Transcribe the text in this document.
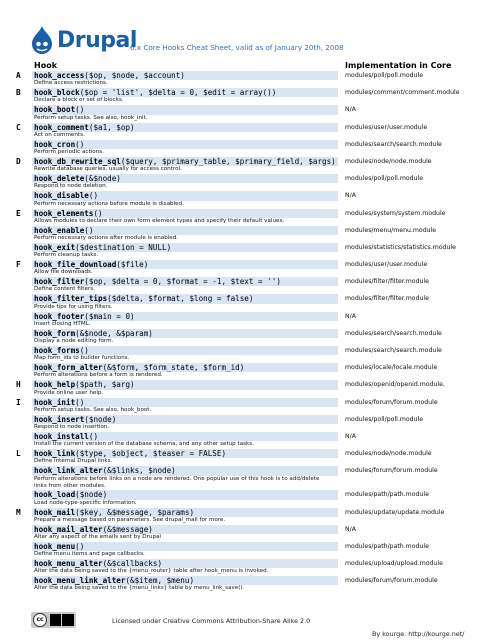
Drupal
6.x Core Hooks Cheat Sheet, valid as of January 20th, 2008
Hook	Implementation in Core
A hook_access($op, $node, $account)
Define access restrictions.
modules/poll/poll.module
B hook_block($op = 'list', $delta = 0, $edit = array())
Declare a block or set of blocks.
modules/comment/comment.module
hook_boot()
Perform setup tasks. See also, hook_init.
N/A
C hook_comment($a1, $op)
Act on comments.
modules/user/user.module
hook_cron()
Perform periodic actions.
modules/search/search.module
D hook_db_rewrite_sql($query, $primary_table, $primary_field, $args)
Rewrite database queries, usually for access control.
modules/node/node.module
hook_delete(&$node)
Respond to node deletion.
modules/poll/poll.module
hook_disable()
Perform necessary actions before module is disabled.
N/A
E hook_elements()
Allows modules to declare their own form element types and specify their default values.
modules/system/system.module
hook_enable()
Perform necessary actions after module is enabled.
modules/menu/menu.module
hook_exit($destination = NULL)
Perform cleanup tasks.
modules/statistics/statistics.module
F hook_file_download($file)
Allow file downloads.
modules/user/user.module
hook_filter($op, $delta = 0, $format = -1, $text = '')
Define content filters.
modules/filter/filter.module
hook_filter_tips($delta, $format, $long = false)
Provide tips for using filters.
modules/filter/filter.module
hook_footer($main = 0)
Insert closing HTML.
N/A
hook_form(&$node, &$param)
Display a node editing form.
modules/search/search.module
hook_forms()
Map form_ids to builder functions.
modules/search/search.module
hook_form_alter(&$form, $form_state, $form_id)
Perform alterations before a form is rendered.
modules/locale/locale.module
H hook_help($path, $arg)
Provide online user help.
modules/openid/openid.module,
I hook_init()
Perform setup tasks. See also, hook_boot.
modules/forum/forum.module
hook_insert($node)
Respond to node insertion.
modules/poll/poll.module
hook_install()
Install the current version of the database schema, and any other setup tasks.
N/A
L hook_link($type, $object, $teaser = FALSE)
Define internal Drupal links.
modules/node/node.module
hook_link_alter(&$links, $node)
Perform alterations before links on a node are rendered. One popular use of this hook is to add/delete links from other modules.
modules/forum/forum.module
hook_load($node)
Load node-type-specific information.
modules/path/path.module
M hook_mail($key, &$message, $params)
Prepare a message based on parameters. See drupal_mail for more.
modules/update/update.module
hook_mail_alter(&$message)
Alter any aspect of the emails sent by Drupal
N/A
hook_menu()
Define menu items and page callbacks.
modules/path/path.module
hook_menu_alter(&$callbacks)
Alter the data being saved to the {menu_router} table after hook_menu is invoked.
modules/upload/upload.module
hook_menu_link_alter(&$item, $menu)
Alter the data being saved to the {menu_links} table by menu_link_save().
modules/forum/forum.module
cc	Licensed under Creative Commons Attribution-Share Alike 2.0
By kourge. http://kourge.net/
